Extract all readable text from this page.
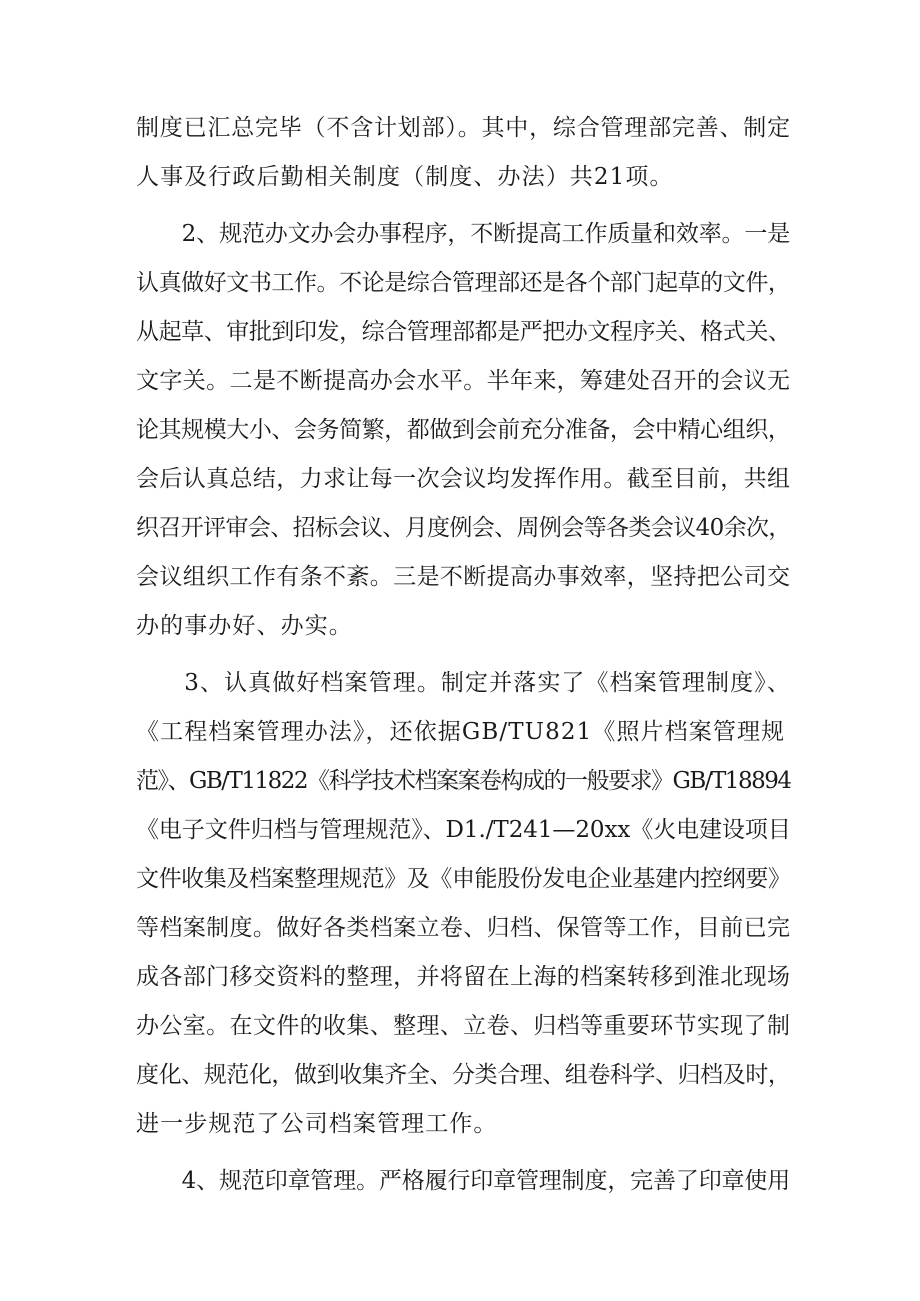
制度已汇总完毕（不含计划部）。其中，综合管理部完善、制定
人事及行政后勤相关制度（制度、办法）共21项。
　　2、规范办文办会办事程序，不断提高工作质量和效率。一是
认真做好文书工作。不论是综合管理部还是各个部门起草的文件，
从起草、审批到印发，综合管理部都是严把办文程序关、格式关、
文字关。二是不断提高办会水平。半年来，筹建处召开的会议无
论其规模大小、会务简繁，都做到会前充分准备，会中精心组织，
会后认真总结，力求让每一次会议均发挥作用。截至目前，共组
织召开评审会、招标会议、月度例会、周例会等各类会议40余次，
会议组织工作有条不紊。三是不断提高办事效率，坚持把公司交
办的事办好、办实。
　　3、认真做好档案管理。制定并落实了《档案管理制度》、
《工程档案管理办法》，还依据GB/TU821《照片档案管理规
范》、GB/T11822《科学技术档案案卷构成的一般要求》GB/T18894
《电子文件归档与管理规范》、D1./T241—20xx《火电建设项目
文件收集及档案整理规范》及《申能股份发电企业基建内控纲要》
等档案制度。做好各类档案立卷、归档、保管等工作，目前已完
成各部门移交资料的整理，并将留在上海的档案转移到淮北现场
办公室。在文件的收集、整理、立卷、归档等重要环节实现了制
度化、规范化，做到收集齐全、分类合理、组卷科学、归档及时，
进一步规范了公司档案管理工作。
　　4、规范印章管理。严格履行印章管理制度，完善了印章使用
